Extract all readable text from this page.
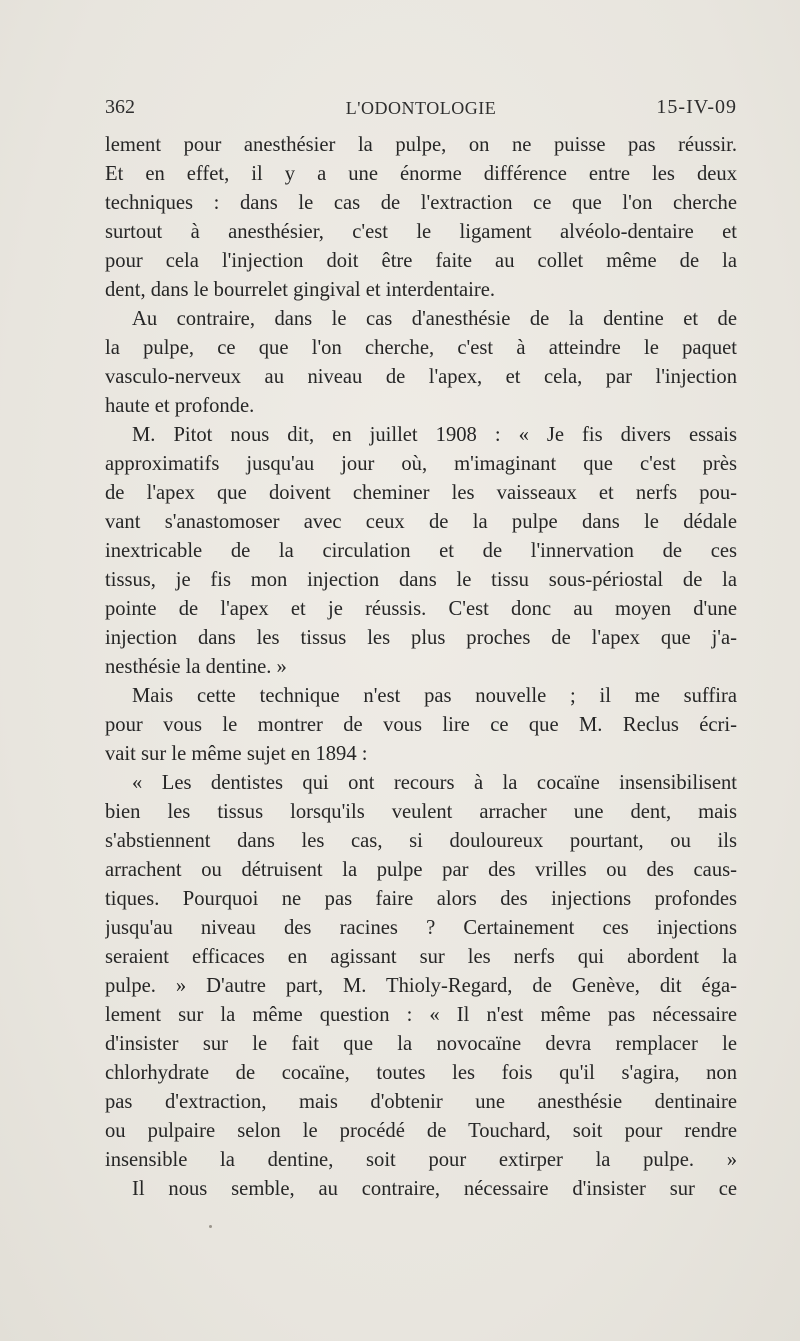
362	L'ODONTOLOGIE	15-IV-09
lement pour anesthésier la pulpe, on ne puisse pas réussir.
Et en effet, il y a une énorme différence entre les deux
techniques : dans le cas de l'extraction ce que l'on cherche
surtout à anesthésier, c'est le ligament alvéolo-dentaire et
pour cela l'injection doit être faite au collet même de la
dent, dans le bourrelet gingival et interdentaire.
Au contraire, dans le cas d'anesthésie de la dentine et de
la pulpe, ce que l'on cherche, c'est à atteindre le paquet
vasculo-nerveux au niveau de l'apex, et cela, par l'injection
haute et profonde.
M. Pitot nous dit, en juillet 1908 : « Je fis divers essais
approximatifs jusqu'au jour où, m'imaginant que c'est près
de l'apex que doivent cheminer les vaisseaux et nerfs pou-
vant s'anastomoser avec ceux de la pulpe dans le dédale
inextricable de la circulation et de l'innervation de ces
tissus, je fis mon injection dans le tissu sous-périostal de la
pointe de l'apex et je réussis. C'est donc au moyen d'une
injection dans les tissus les plus proches de l'apex que j'a-
nesthésie la dentine. »
Mais cette technique n'est pas nouvelle ; il me suffira
pour vous le montrer de vous lire ce que M. Reclus écri-
vait sur le même sujet en 1894 :
« Les dentistes qui ont recours à la cocaïne insensibilisent
bien les tissus lorsqu'ils veulent arracher une dent, mais
s'abstiennent dans les cas, si douloureux pourtant, ou ils
arrachent ou détruisent la pulpe par des vrilles ou des caus-
tiques. Pourquoi ne pas faire alors des injections profondes
jusqu'au niveau des racines ? Certainement ces injections
seraient efficaces en agissant sur les nerfs qui abordent la
pulpe. » D'autre part, M. Thioly-Regard, de Genève, dit éga-
lement sur la même question : « Il n'est même pas nécessaire
d'insister sur le fait que la novocaïne devra remplacer le
chlorhydrate de cocaïne, toutes les fois qu'il s'agira, non
pas d'extraction, mais d'obtenir une anesthésie dentinaire
ou pulpaire selon le procédé de Touchard, soit pour rendre
insensible la dentine, soit pour extirper la pulpe. »
Il nous semble, au contraire, nécessaire d'insister sur ce
